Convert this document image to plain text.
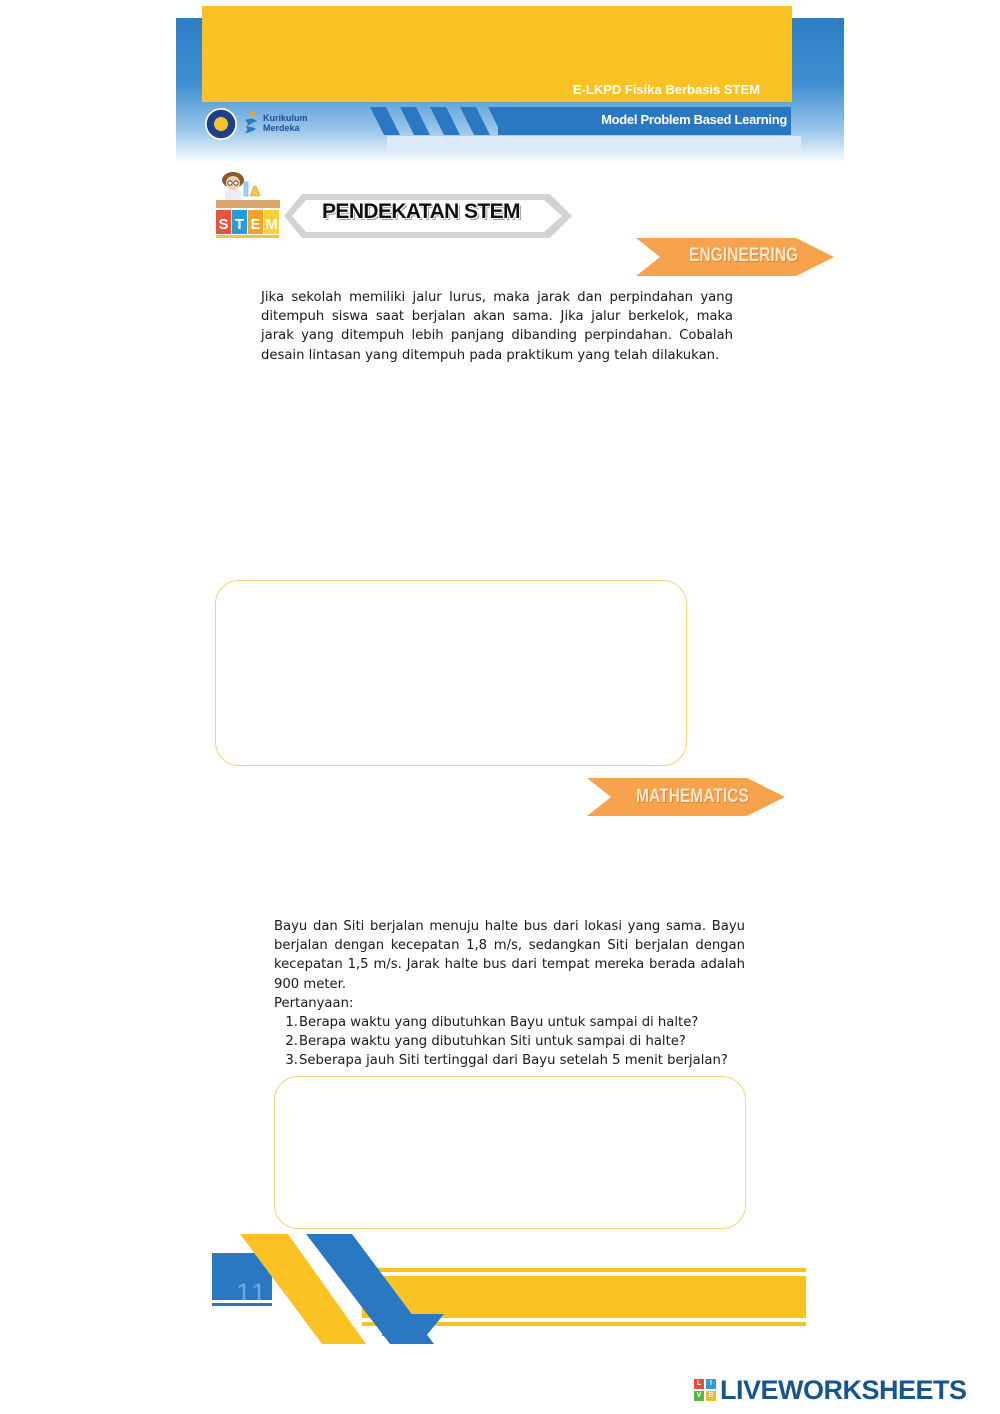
E-LKPD Fisika Berbasis STEM
Model Problem Based Learning
Kurikulum
Merdeka
S T E M
PENDEKATAN STEM
ENGINEERING
Jika sekolah memiliki jalur lurus, maka jarak dan perpindahan yang ditempuh siswa saat berjalan akan sama. Jika jalur berkelok, maka jarak yang ditempuh lebih panjang dibanding perpindahan. Cobalah desain lintasan yang ditempuh pada praktikum yang telah dilakukan.
MATHEMATICS
Bayu dan Siti berjalan menuju halte bus dari lokasi yang sama. Bayu berjalan dengan kecepatan 1,8 m/s, sedangkan Siti berjalan dengan kecepatan 1,5 m/s. Jarak halte bus dari tempat mereka berada adalah 900 meter.
Pertanyaan:
1. Berapa waktu yang dibutuhkan Bayu untuk sampai di halte?
2. Berapa waktu yang dibutuhkan Siti untuk sampai di halte?
3. Seberapa jauh Siti tertinggal dari Bayu setelah 5 menit berjalan?
11
L	I
V	E LIVEWORKSHEETS
